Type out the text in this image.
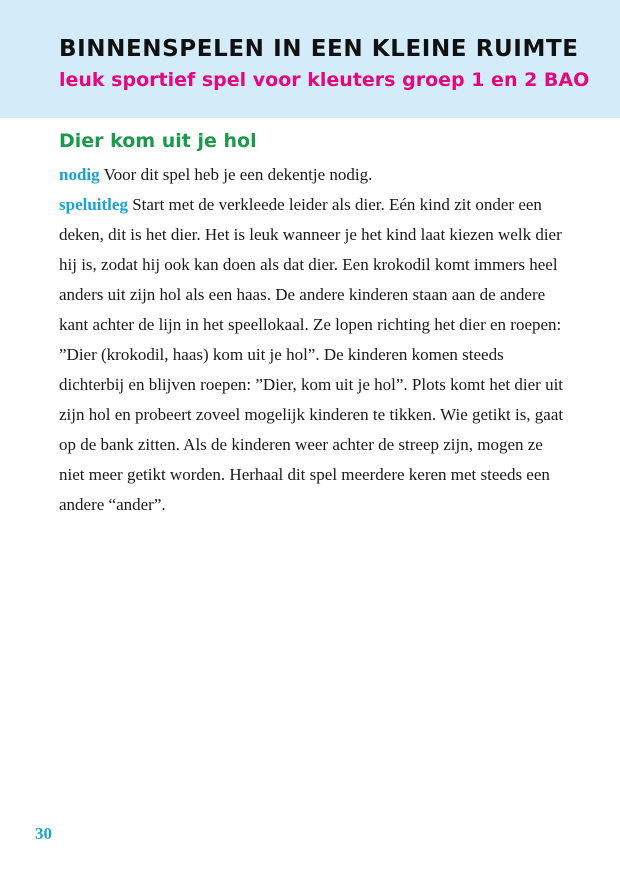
BINNENSPELEN IN EEN KLEINE RUIMTE
leuk sportief spel voor kleuters groep 1 en 2 BAO
Dier kom uit je hol

nodig Voor dit spel heb je een dekentje nodig.

speluitleg Start met de verkleede leider als dier. Eén kind zit onder een deken, dit is het dier. Het is leuk wanneer je het kind laat kiezen welk dier hij is, zodat hij ook kan doen als dat dier. Een krokodil komt immers heel anders uit zijn hol als een haas. De andere kinderen staan aan de andere kant achter de lijn in het speellokaal. Ze lopen richting het dier en roepen: ”Dier (krokodil, haas) kom uit je hol”. De kinderen komen steeds dichterbij en blijven roepen: ”Dier, kom uit je hol”. Plots komt het dier uit zijn hol en probeert zoveel mogelijk kinderen te tikken. Wie getikt is, gaat op de bank zitten. Als de kinderen weer achter de streep zijn, mogen ze niet meer getikt worden. Herhaal dit spel meerdere keren met steeds een andere “ander”.

30
